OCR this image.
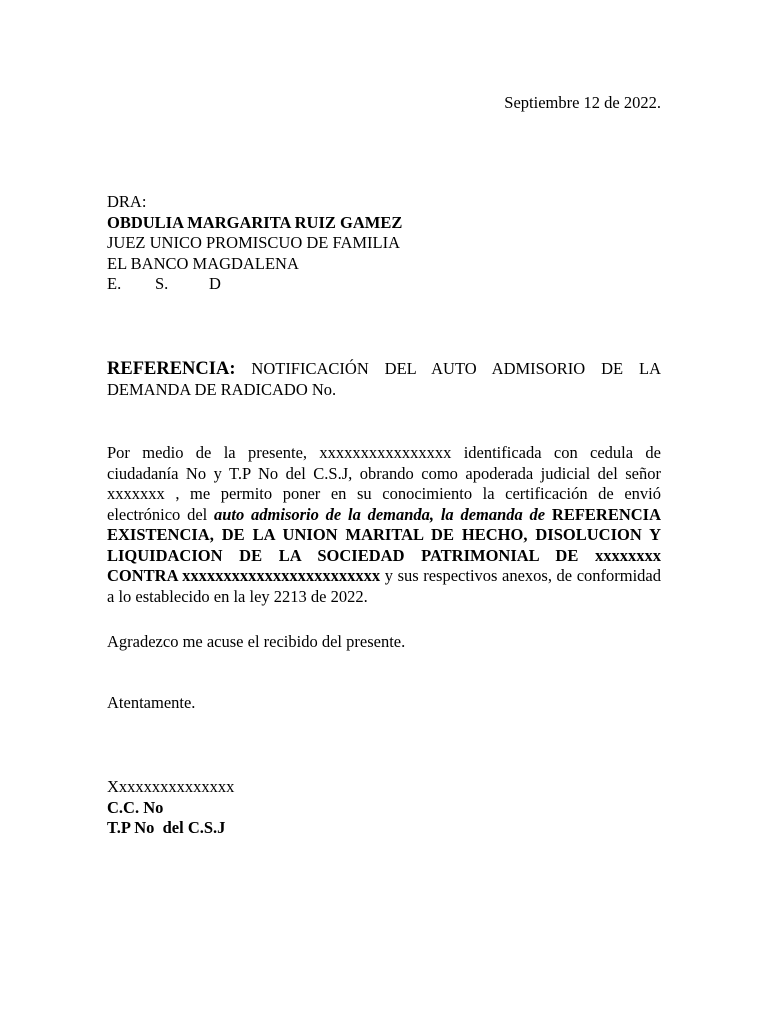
Septiembre 12 de 2022.
DRA:
OBDULIA MARGARITA RUIZ GAMEZ
JUEZ UNICO PROMISCUO DE FAMILIA
EL BANCO MAGDALENA
E. S. D
REFERENCIA: NOTIFICACIÓN DEL AUTO ADMISORIO DE LA DEMANDA DE RADICADO No.
Por medio de la presente, xxxxxxxxxxxxxxxx identificada con cedula de ciudadanía No y T.P No del C.S.J, obrando como apoderada judicial del señor xxxxxxx , me permito poner en su conocimiento la certificación de envió electrónico del auto admisorio de la demanda, la demanda de REFERENCIA EXISTENCIA, DE LA UNION MARITAL DE HECHO, DISOLUCION Y LIQUIDACION DE LA SOCIEDAD PATRIMONIAL DE xxxxxxxx CONTRA xxxxxxxxxxxxxxxxxxxxxxxx y sus respectivos anexos, de conformidad a lo establecido en la ley 2213 de 2022.
Agradezco me acuse el recibido del presente.
Atentamente.
Xxxxxxxxxxxxxxx
C.C. No
T.P No  del C.S.J
